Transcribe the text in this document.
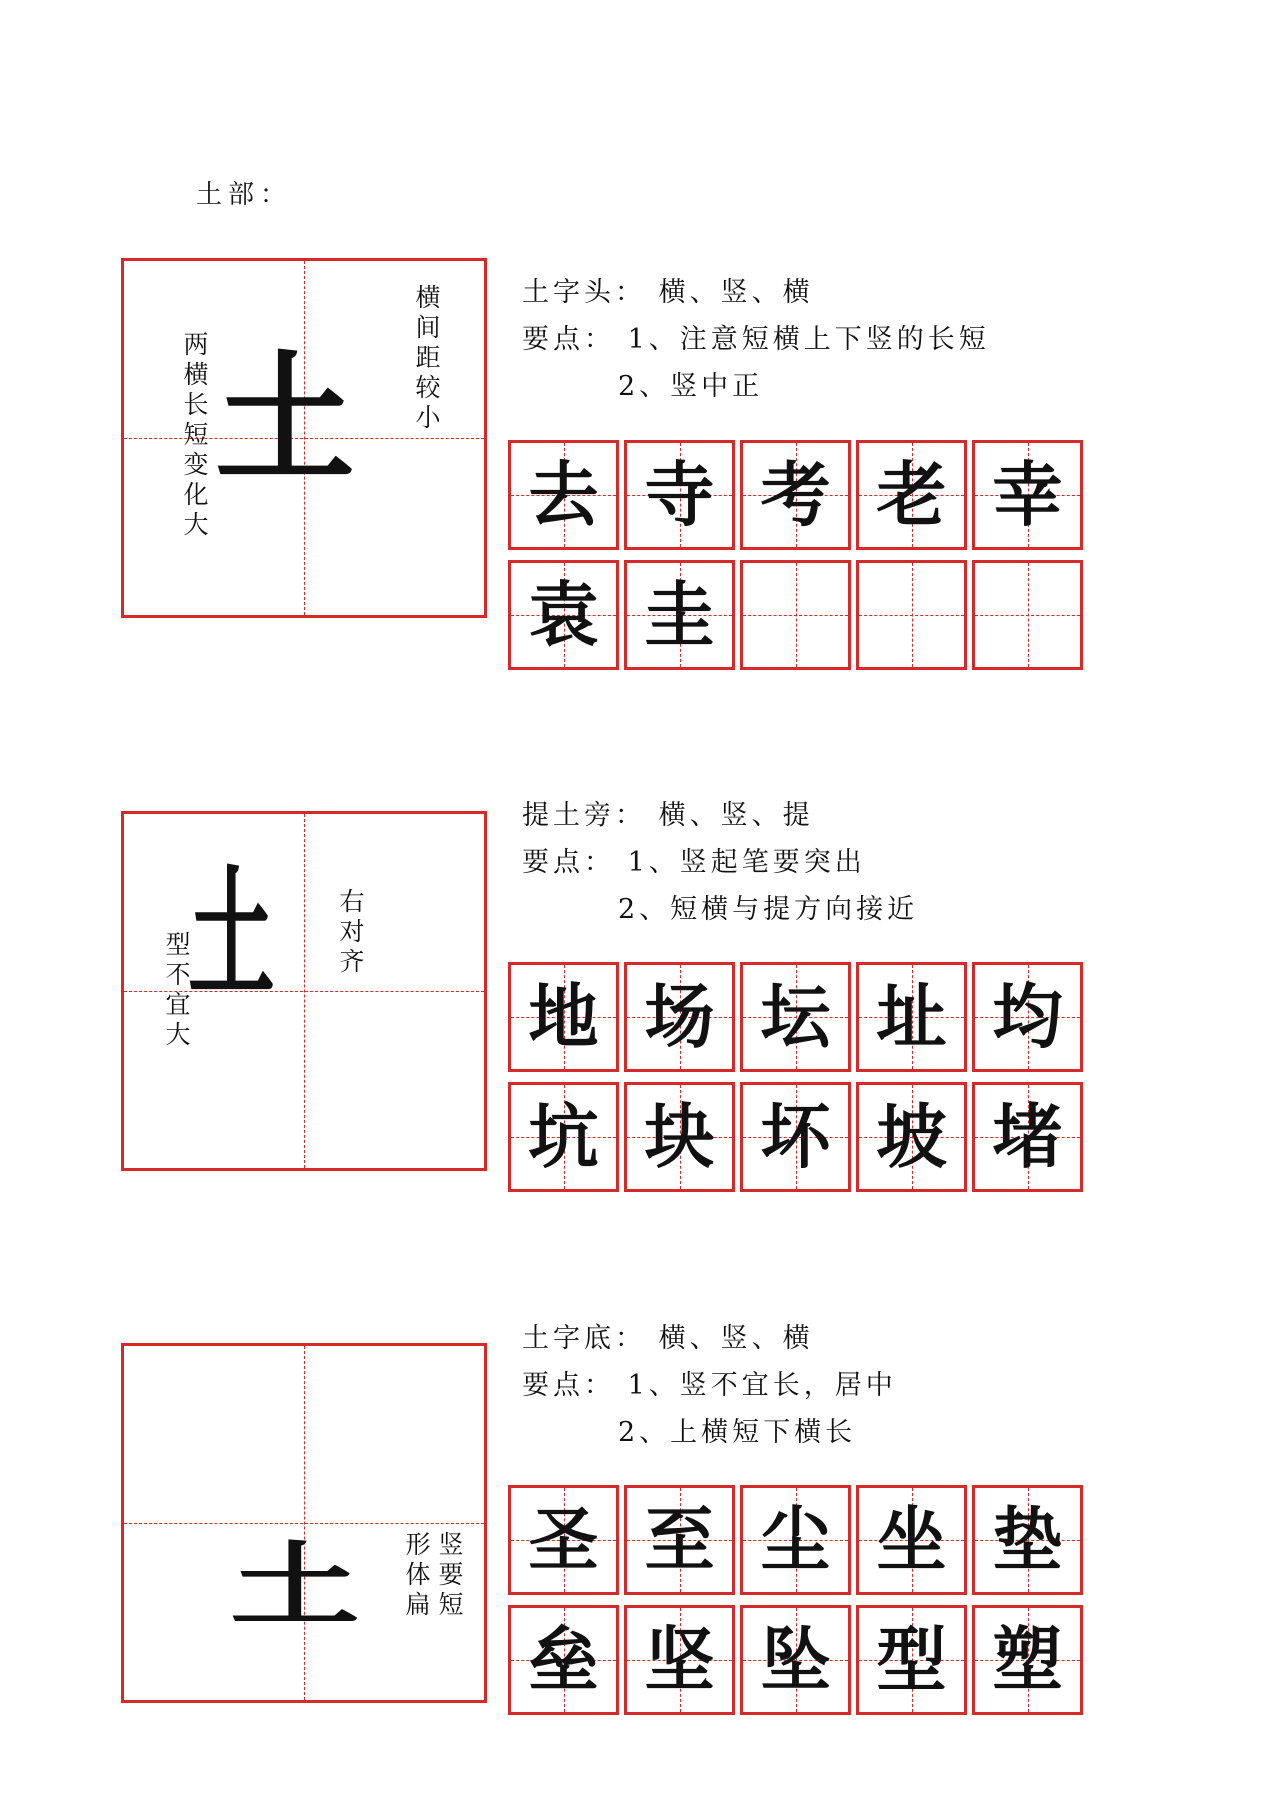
土部：
土
两横长短变化大
横间距较小
土字头： 横、竖、横
要点： 1、注意短横上下竖的长短
2、竖中正
去 寺 考 老 幸
袁 圭
土
型不宜大
右对齐
提土旁： 横、竖、提
要点： 1、竖起笔要突出
2、短横与提方向接近
地 场 坛 址 均
坑 块 坏 坡 堵
土 形体扁
竖要短
土字底： 横、竖、横
要点： 1、竖不宜长，居中
2、上横短下横长
圣 至 尘 坐 垫
垒 坚 坠 型 塑
